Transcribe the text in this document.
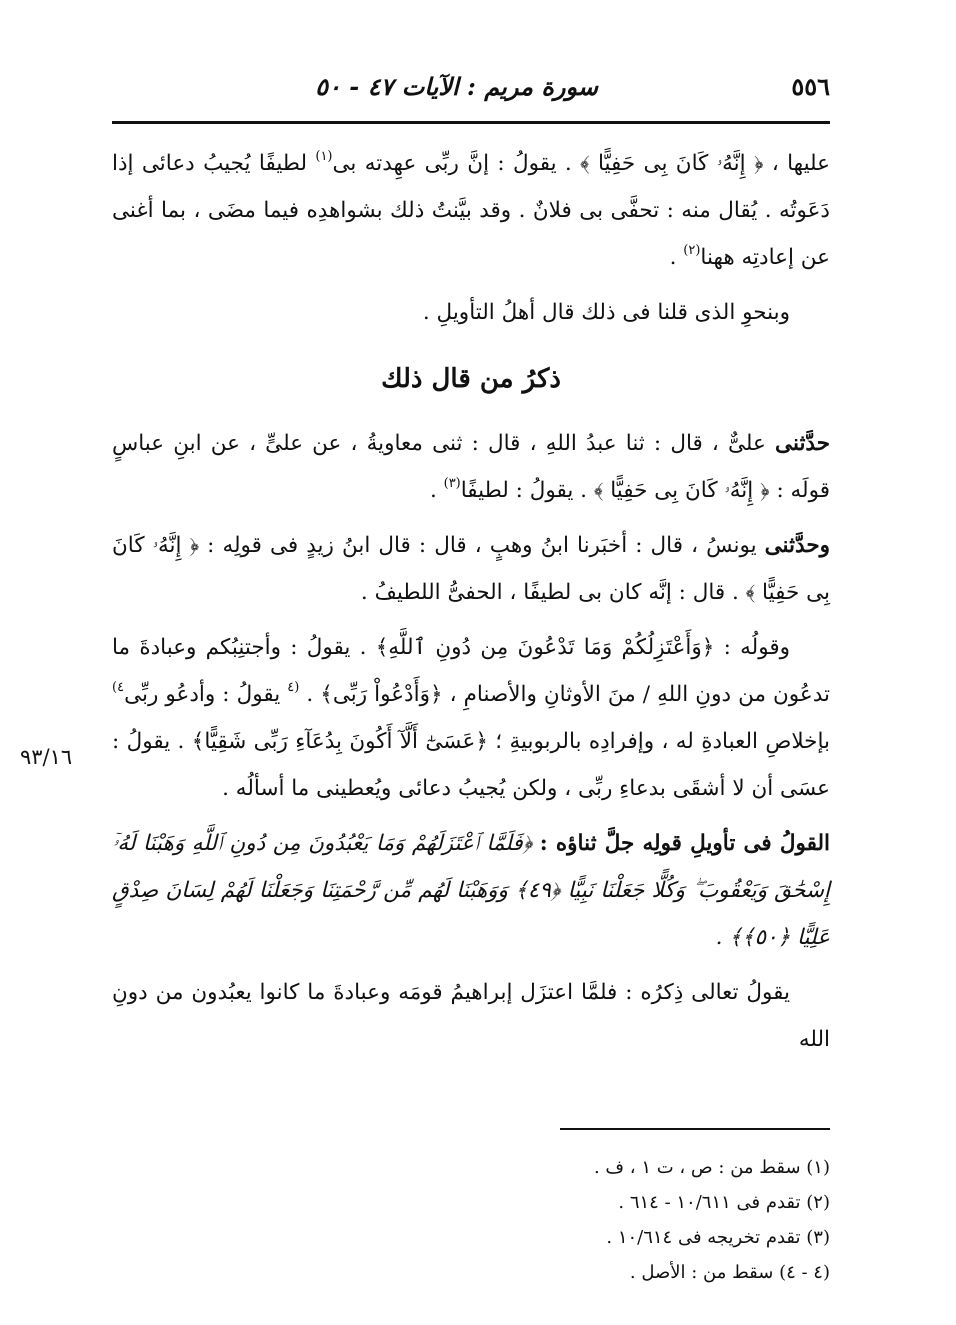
٥٥٦
سورة مريم : الآيات ٤٧ - ٥٠
٩٣/١٦

عليها ، ﴿ إِنَّهُۥ كَانَ بِى حَفِيًّا ﴾ . يقولُ : إنَّ ربِّى عهِدته بى$^{(١)}$ لطيفًا يُجيبُ دعائى إذا دَعَوتُه . يُقال منه : تحفَّى بى فلانٌ . وقد بيَّنتُ ذلك بشواهدِه فيما مضَى ، بما أغنى عن إعادتِه ههنا$^{(٢)}$ .

وبنحوِ الذى قلنا فى ذلك قال أهلُ التأويلِ .

ذكرُ من قال ذلك

حدَّثنى علىٌّ ، قال : ثنا عبدُ اللهِ ، قال : ثنى معاويةُ ، عن علىٍّ ، عن ابنِ عباسٍ قولَه : ﴿ إِنَّهُۥ كَانَ بِى حَفِيًّا ﴾ . يقولُ : لطيفًا$^{(٣)}$ .

وحدَّثنى يونسُ ، قال : أخبَرنا ابنُ وهبٍ ، قال : قال ابنُ زيدٍ فى قولِه : ﴿ إِنَّهُۥ كَانَ بِى حَفِيًّا ﴾ . قال : إنَّه كان بى لطيفًا ، الحفىُّ اللطيفُ .

وقولُه : ﴿وَأَعْتَزِلُكُمْ وَمَا تَدْعُونَ مِن دُونِ ٱللَّهِ﴾ . يقولُ : وأجتنِبُكم وعبادةَ ما تدعُون من دونِ اللهِ / منَ الأوثانِ والأصنامِ ، ﴿وَأَدْعُواْ رَبِّى﴾ . $^{(٤}$ يقولُ : وأدعُو ربِّى$^{٤)}$ بإخلاصِ العبادةِ له ، وإفرادِه بالربوبيةِ ؛ ﴿عَسَىٰٓ أَلَّآ أَكُونَ بِدُعَآءِ رَبِّى شَقِيًّا﴾ . يقولُ : عسَى أن لا أشقَى بدعاءِ ربِّى ، ولكن يُجيبُ دعائى ويُعطينى ما أسألُه .

القولُ فى تأويلِ قولِه جلَّ ثناؤه : ﴿فَلَمَّا ٱعْتَزَلَهُمْ وَمَا يَعْبُدُونَ مِن دُونِ ٱللَّهِ وَهَبْنَا لَهُۥٓ إِسْحَٰقَ وَيَعْقُوبَ ۖ وَكُلًّا جَعَلْنَا نَبِيًّا ﴿٤٩﴾ وَوَهَبْنَا لَهُم مِّن رَّحْمَتِنَا وَجَعَلْنَا لَهُمْ لِسَانَ صِدْقٍ عَلِيًّا ﴿٥٠﴾﴾ .

يقولُ تعالى ذِكرُه : فلمَّا اعتزَل إبراهيمُ قومَه وعبادةَ ما كانوا يعبُدون من دونِ الله

(١) سقط من : ص ، ت ١ ، ف .

(٢) تقدم فى ١٠/٦١١ - ٦١٤ .

(٣) تقدم تخريجه فى ١٠/٦١٤ .

(٤ - ٤) سقط من : الأصل .
